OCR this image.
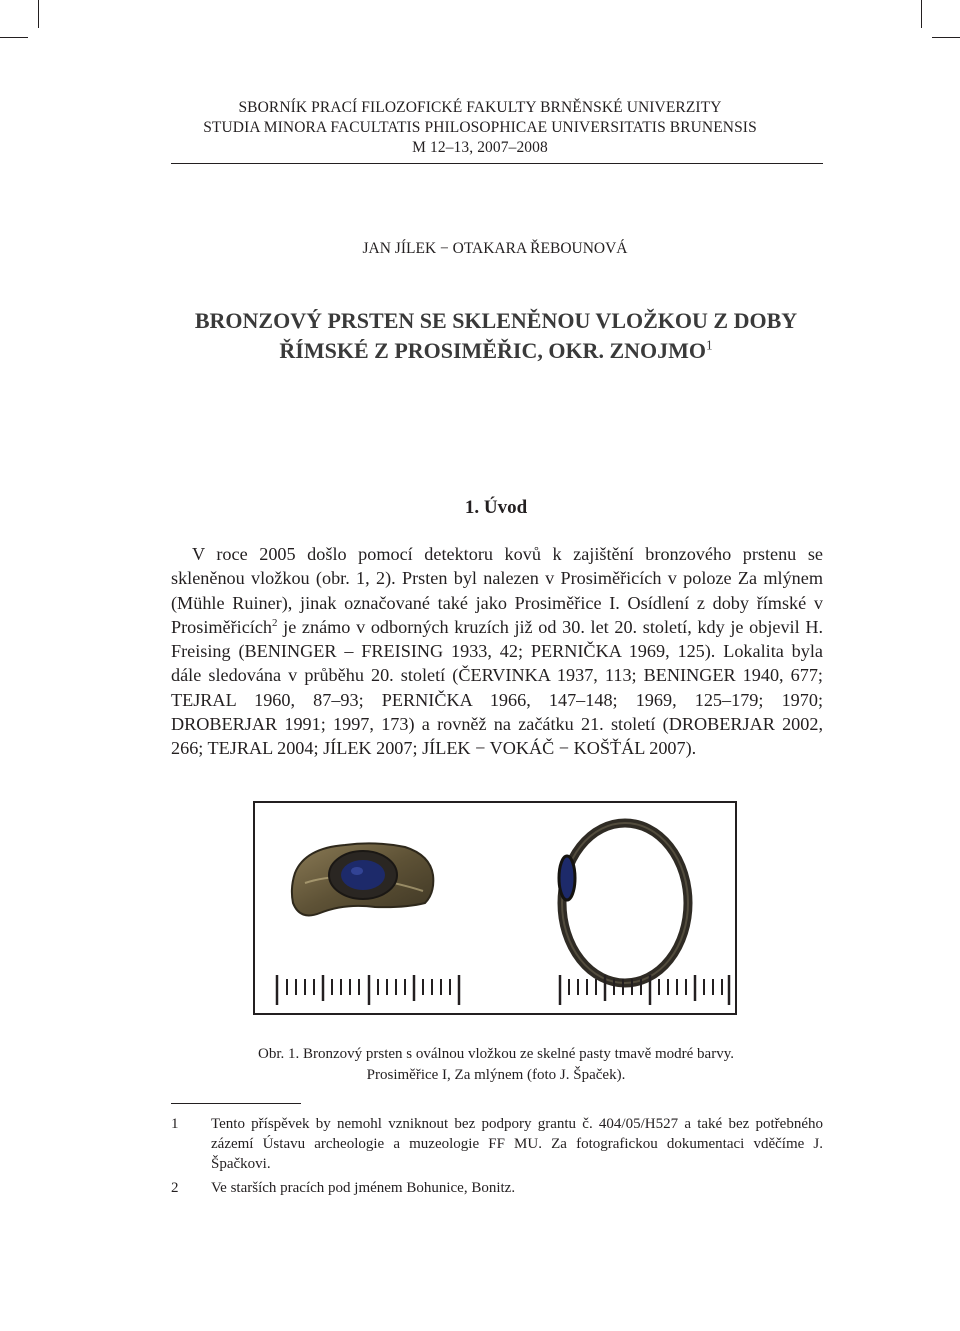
SBORNÍK PRACÍ FILOZOFICKÉ FAKULTY BRNĚNSKÉ UNIVERZITY
STUDIA MINORA FACULTATIS PHILOSOPHICAE UNIVERSITATIS BRUNENSIS
M 12–13, 2007–2008
JAN JÍLEK − OTAKARA ŘEBOUNOVÁ
BRONZOVÝ PRSTEN SE SKLENĚNOU VLOŽKOU Z DOBY
ŘÍMSKÉ Z PROSIMĚŘIC, OKR. ZNOJMO$^1$
1. Úvod

V roce 2005 došlo pomocí detektoru kovů k zajištění bronzového prstenu se skleněnou vložkou (obr. 1, 2). Prsten byl nalezen v Prosiměřicích v poloze Za mlýnem (Mühle Ruiner), jinak označované také jako Prosiměřice I. Osídlení z doby římské v Prosiměřicích$^2$ je známo v odborných kruzích již od 30. let 20. století, kdy je objevil H. Freising (BENINGER – FREISING 1933, 42; PERNIČKA 1969, 125). Lokalita byla dále sledována v průběhu 20. století (ČERVINKA 1937, 113; BENINGER 1940, 677; TEJRAL 1960, 87–93; PERNIČKA 1966, 147–148; 1969, 125–179; 1970; DROBERJAR 1991; 1997, 173) a rovněž na začátku 21. století (DROBERJAR 2002, 266; TEJRAL 2004; JÍLEK 2007; JÍLEK − VOKÁČ − KOŠŤÁL 2007).

Obr. 1. Bronzový prsten s oválnou vložkou ze skelné pasty tmavě modré barvy.
Prosiměřice I, Za mlýnem (foto J. Špaček).
1 Tento příspěvek by nemohl vzniknout bez podpory grantu č. 404/05/H527 a také bez potřebného zázemí Ústavu archeologie a muzeologie FF MU. Za fotografickou dokumentaci vděčíme J. Špačkovi.
2 Ve starších pracích pod jménem Bohunice, Bonitz.
